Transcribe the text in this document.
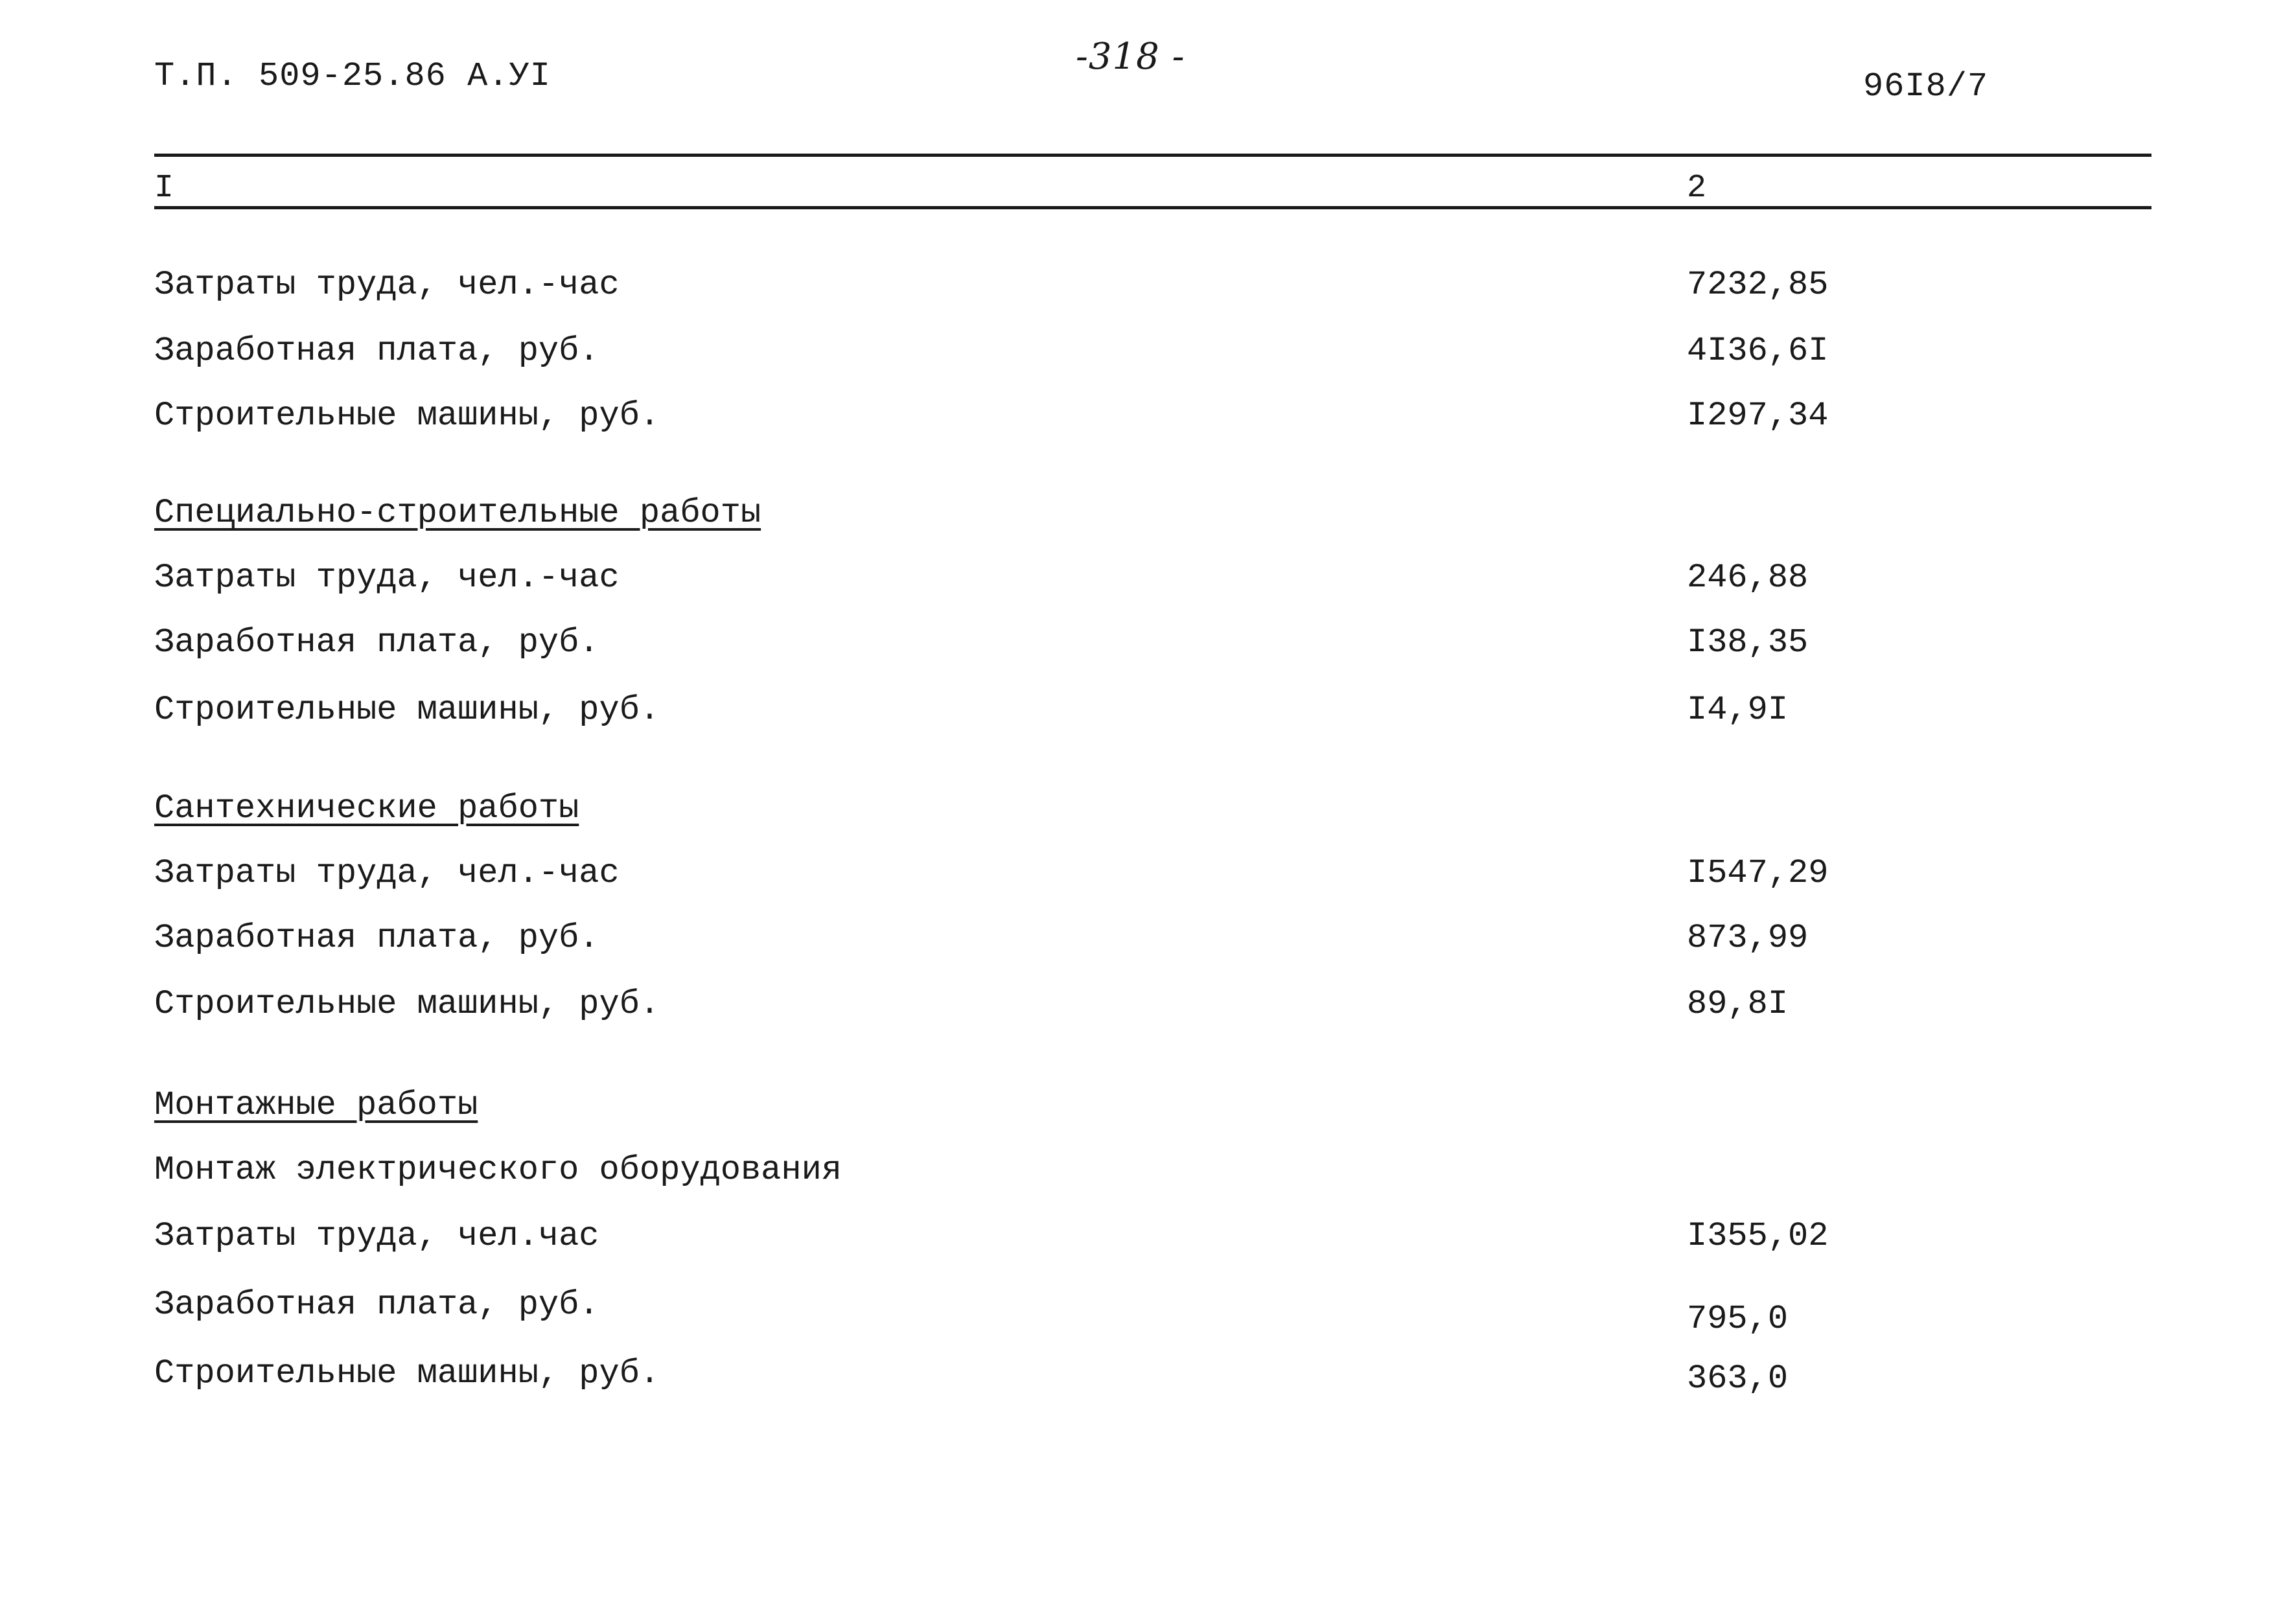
Т.П. 509-25.86 А.УI	-318 -
96I8/7
I	2
Затраты труда, чел.-час	7232,85
Заработная плата, руб.	4I36,6I
Строительные машины, руб.	I297,34
Специально-строительные работы
Затраты труда, чел.-час	246,88
Заработная плата, руб.	I38,35
Строительные машины, руб.	I4,9I
Сантехнические работы
Затраты труда, чел.-час	I547,29
Заработная плата, руб.	873,99
Строительные машины, руб.	89,8I
Монтажные работы
Монтаж электрического оборудования
Затраты труда, чел.час	I355,02
Заработная плата, руб.	795,0
Строительные машины, руб.	363,0
